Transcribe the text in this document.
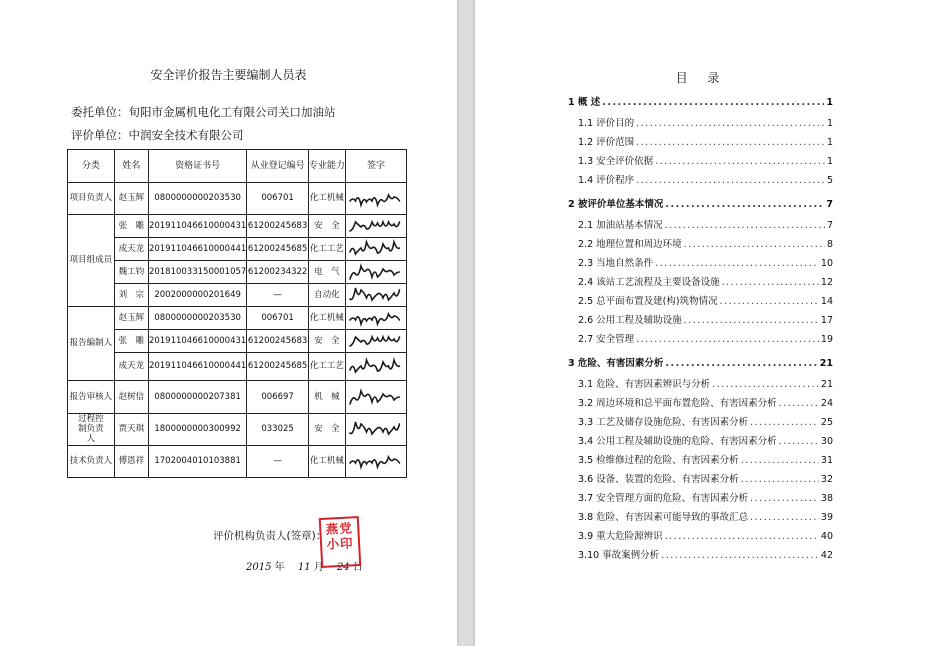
安全评价报告主要编制人员表
委托单位：旬阳市金属机电化工有限公司关口加油站
评价单位：中润安全技术有限公司
分类	姓名	资格证书号	从业登记编号	专业能力	签字
项目负责人	赵玉辉	0800000000203530	006701	化工机械	

项目组成员	张　雕	201911046610000431	61200245683	安　全	

	成天龙	201911046610000441	61200245685	化工工艺	

	魏工钧	201810033150001057	61200234322	电　气	

	刘　宗	2002000000201649	—	自动化	

报告编制人	赵玉辉	0800000000203530	006701	化工机械	

	张　雕	201911046610000431	61200245683	安　全	

	成天龙	201911046610000441	61200245685	化工工艺	

报告审核人	赵树信	0800000000207381	006697	机　械	

过程控制负责人	贾天琪	1800000000300992	033025	安　全	

技术负责人	傅恩祥	1702004010103881	—	化工机械	
评价机构负责人(签章)：
2015 年 11 月 24 日
燕党
小印
目 录
1 概 述 .....	1
1.1 评价目的 .....	1
1.2 评价范围 .....	1
1.3 安全评价依据 .....	1
1.4 评价程序 .....	5
2 被评价单位基本情况 .....	7
2.1 加油站基本情况 .....	7
2.2 地理位置和周边环境 .....	8
2.3 当地自然条件 .....	10
2.4 该站工艺流程及主要设备设施 .....	12
2.5 总平面布置及建(构)筑物情况 .....	14
2.6 公用工程及辅助设施 .....	17
2.7 安全管理 .....	19
3 危险、有害因素分析 .....	21
3.1 危险、有害因素辨识与分析 .....	21
3.2 周边环境和总平面布置危险、有害因素分析 .....	24
3.3 工艺及储存设施危险、有害因素分析 .....	25
3.4 公用工程及辅助设施的危险、有害因素分析 .....	30
3.5 检维修过程的危险、有害因素分析 .....	31
3.6 设备、装置的危险、有害因素分析 .....	32
3.7 安全管理方面的危险、有害因素分析 .....	38
3.8 危险、有害因素可能导致的事故汇总 .....	39
3.9 重大危险源辨识 .....	40
3.10 事故案例分析 .....	42
